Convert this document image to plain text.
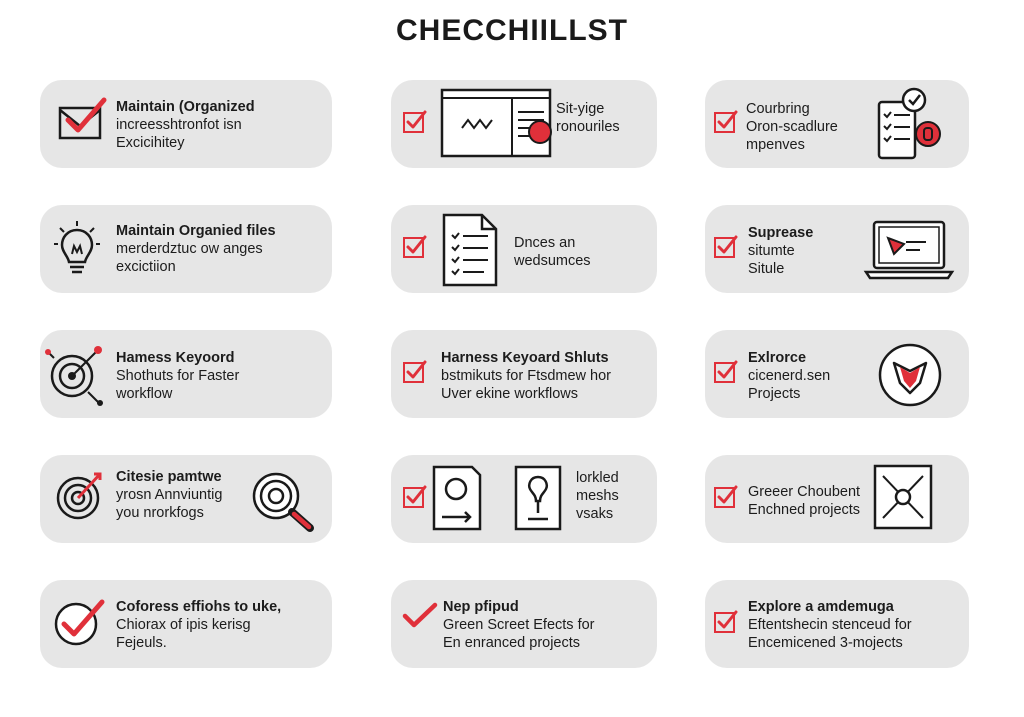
CHECCHIILLST
Maintain (Organized
increesshtronfot isn
Excicihitey
Sit-yige
ronouriles
Courbring
Oron-scadlure
mpenves
Maintain Organied files
merderdztuc ow anges
excictiion
Dnces an
wedsumces
Suprease
situmte
Situle
Hamess Keyoord
Shothuts for Faster
workflow
Harness Keyoard Shluts
bstmikuts for Ftsdmew hor
Uver ekine workflows
Exlrorce
cicenerd.sen
Projects
Citesie pamtwe
yrosn Annviuntig
you nrorkfogs
lorkled
meshs
vsaks
Greeer Choubent
Enchned projects
Coforess effiohs to uke,
Chiorax of ipis kerisg
Fejeuls.
Nep pfipud
Green Screet Efects for
En enranced projects
Explore a amdemuga
Eftentshecin stenceud for
Encemicened 3-mojects
